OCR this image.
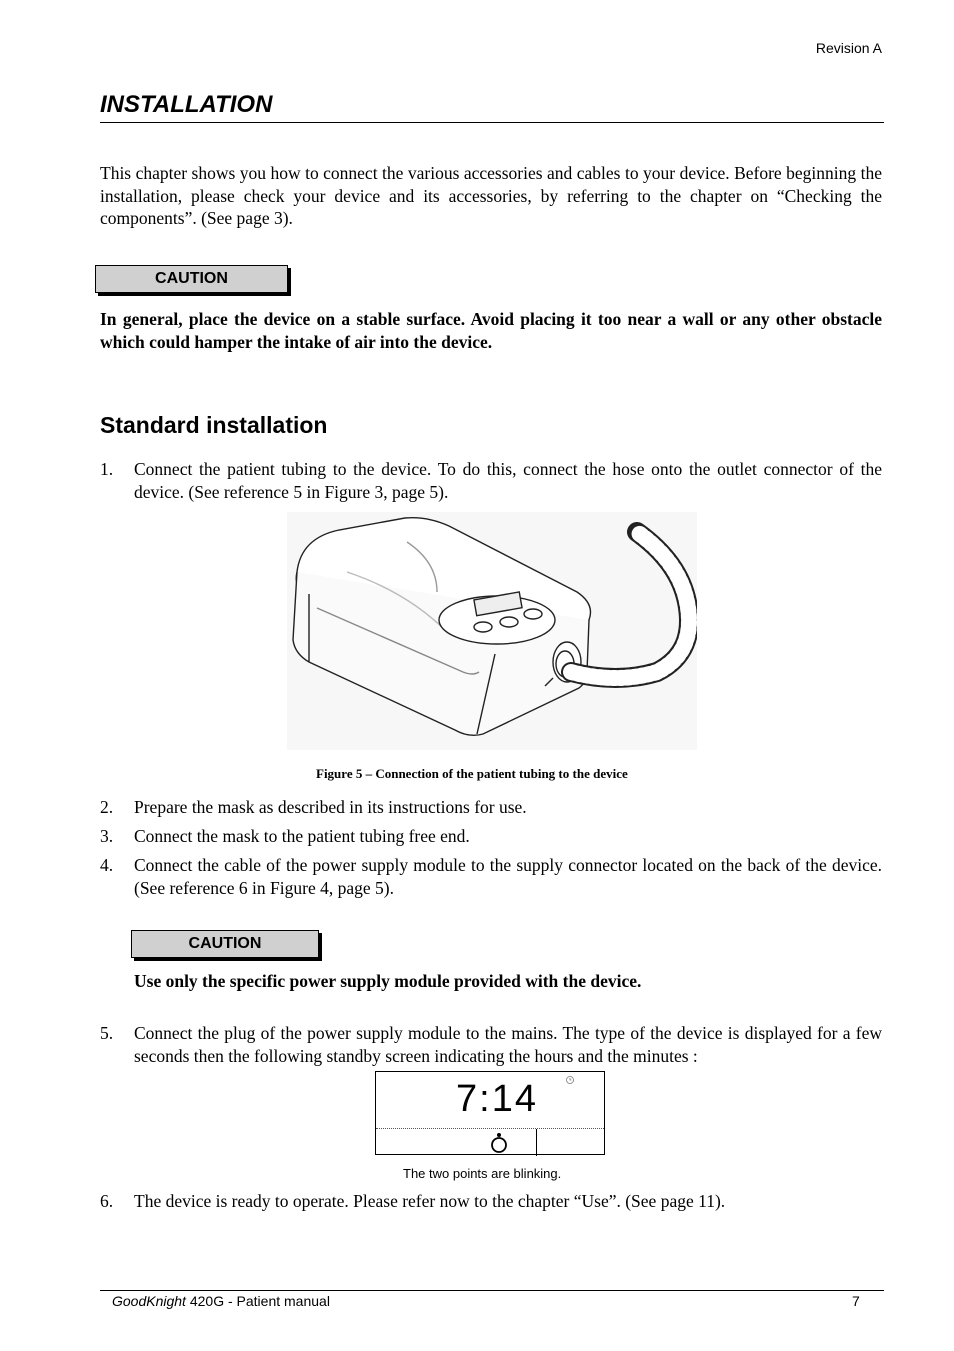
Revision A
INSTALLATION
This chapter shows you how to connect the various accessories and cables to your device. Before beginning the installation, please check your device and its accessories, by referring to the chapter on “Checking the components”. (See page 3).
CAUTION
In general, place the device on a stable surface. Avoid placing it too near a wall or any other obstacle which could hamper the intake of air into the device.
Standard installation
1. Connect the patient tubing to the device. To do this, connect the hose onto the outlet connector of the device. (See reference 5 in Figure 3, page 5).
Figure 5 – Connection of the patient tubing to the device
2. Prepare the mask as described in its instructions for use.
3. Connect the mask to the patient tubing free end.
4. Connect the cable of the power supply module to the supply connector located on the back of the device. (See reference 6 in Figure 4, page 5).
CAUTION
Use only the specific power supply module provided with the device.
5. Connect the plug of the power supply module to the mains. The type of the device is displayed for a few seconds then the following standby screen indicating the hours and the minutes :
7:14
The two points are blinking.
6. The device is ready to operate. Please refer now to the chapter “Use”. (See page 11).
GoodKnight 420G - Patient manual	7
